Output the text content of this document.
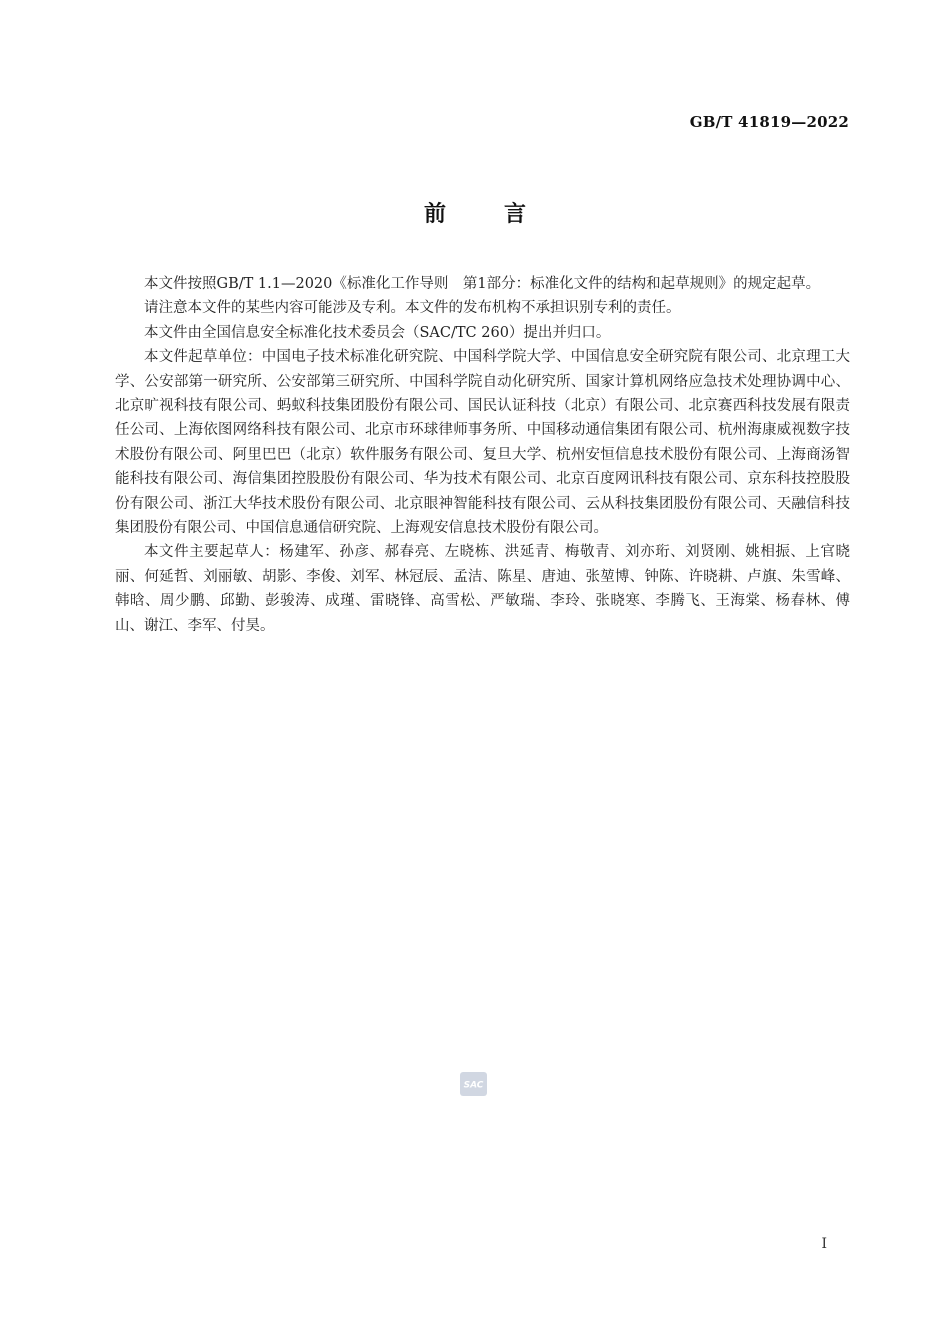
GB/T 41819—2022
前言

本文件按照GB/T 1.1—2020《标准化工作导则　第1部分：标准化文件的结构和起草规则》的规定起草。

请注意本文件的某些内容可能涉及专利。本文件的发布机构不承担识别专利的责任。

本文件由全国信息安全标准化技术委员会（SAC/TC 260）提出并归口。

本文件起草单位：中国电子技术标准化研究院、中国科学院大学、中国信息安全研究院有限公司、北京理工大学、公安部第一研究所、公安部第三研究所、中国科学院自动化研究所、国家计算机网络应急技术处理协调中心、北京旷视科技有限公司、蚂蚁科技集团股份有限公司、国民认证科技（北京）有限公司、北京赛西科技发展有限责任公司、上海依图网络科技有限公司、北京市环球律师事务所、中国移动通信集团有限公司、杭州海康威视数字技术股份有限公司、阿里巴巴（北京）软件服务有限公司、复旦大学、杭州安恒信息技术股份有限公司、上海商汤智能科技有限公司、海信集团控股股份有限公司、华为技术有限公司、北京百度网讯科技有限公司、京东科技控股股份有限公司、浙江大华技术股份有限公司、北京眼神智能科技有限公司、云从科技集团股份有限公司、天融信科技集团股份有限公司、中国信息通信研究院、上海观安信息技术股份有限公司。

本文件主要起草人：杨建军、孙彦、郝春亮、左晓栋、洪延青、梅敬青、刘亦珩、刘贤刚、姚相振、上官晓丽、何延哲、刘丽敏、胡影、李俊、刘军、林冠辰、孟洁、陈星、唐迪、张堃博、钟陈、许晓耕、卢旗、朱雪峰、韩晗、周少鹏、邱勤、彭骏涛、成瑾、雷晓锋、高雪松、严敏瑞、李玲、张晓寒、李腾飞、王海棠、杨春林、傅山、谢江、李军、付昊。

SAC
I
